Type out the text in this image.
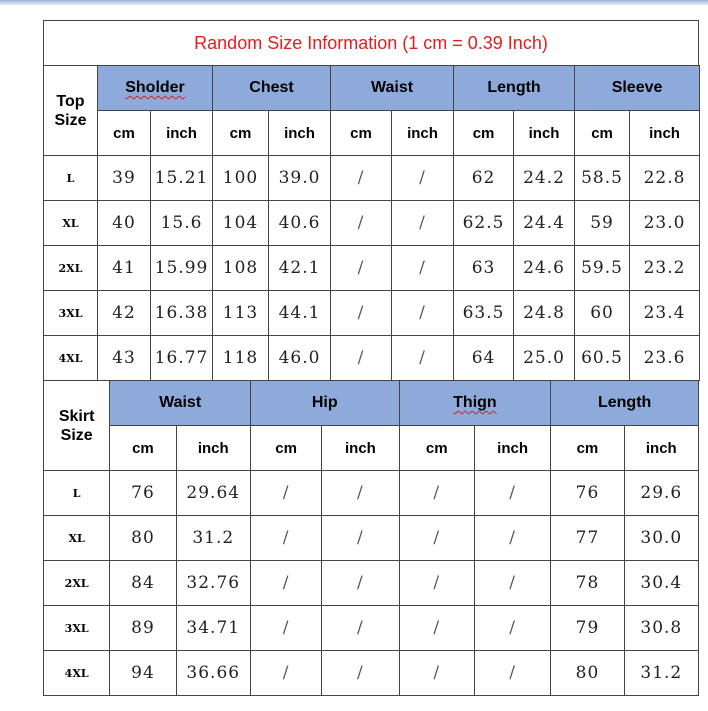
Random Size Information (1 cm = 0.39 Inch)
Top
Size	Sholder		Chest		Waist		Length		Sleeve	
	cm	inch	cm	inch	cm	inch	cm	inch	cm	inch
L	39	15.21	100	39.0	/	/	62	24.2	58.5	22.8
XL	40	15.6	104	40.6	/	/	62.5	24.4	59	23.0
2XL	41	15.99	108	42.1	/	/	63	24.6	59.5	23.2
3XL	42	16.38	113	44.1	/	/	63.5	24.8	60	23.4
4XL	43	16.77	118	46.0	/	/	64	25.0	60.5	23.6
Skirt
Size	Waist		Hip		Thign		Length	
	cm	inch	cm	inch	cm	inch	cm	inch
L	76	29.64	/	/	/	/	76	29.6
XL	80	31.2	/	/	/	/	77	30.0
2XL	84	32.76	/	/	/	/	78	30.4
3XL	89	34.71	/	/	/	/	79	30.8
4XL	94	36.66	/	/	/	/	80	31.2
